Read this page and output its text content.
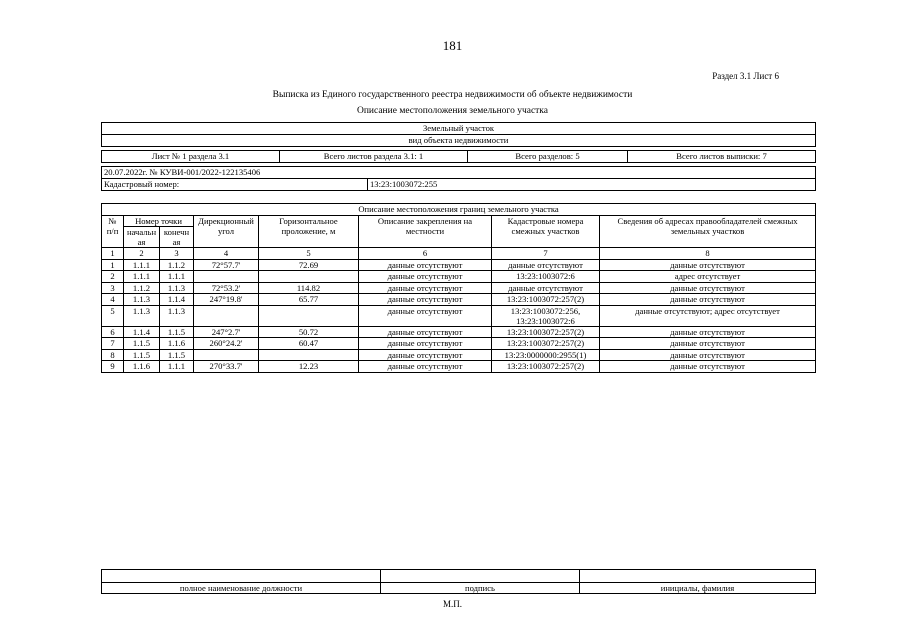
181
Раздел 3.1 Лист 6
Выписка из Единого государственного реестра недвижимости об объекте недвижимости
Описание местоположения земельного участка
Земельный участок				
вид объекта недвижимости				

Лист № 1 раздела 3.1	Всего листов раздела 3.1: 1		Всего разделов: 5	Всего листов выписки: 7

20.07.2022г. № КУВИ-001/2022-122135406				
Кадастровый номер:		13:23:1003072:255		
Описание местоположения границ земельного участка							
№ п/п	Номер точки		Дирекционный угол	Горизонтальное проложение, м	Описание закрепления на местности	Кадастровые номера смежных участков	Сведения об адресах правообладателей смежных земельных участков
	начальн ая	конечн ая					

1	2	3	4	5	6	7	8
1	1.1.1	1.1.2	72°57.7'	72.69	данные отсутствуют	данные отсутствуют	данные отсутствуют
2	1.1.1	1.1.1			данные отсутствуют	13:23:1003072:6	адрес отсутствует
3	1.1.2	1.1.3	72°53.2'	114.82	данные отсутствуют	данные отсутствуют	данные отсутствуют
4	1.1.3	1.1.4	247°19.8'	65.77	данные отсутствуют	13:23:1003072:257(2)	данные отсутствуют
5	1.1.3	1.1.3			данные отсутствуют	13:23:1003072:256, 13:23:1003072:6	данные отсутствуют; адрес отсутствует
6	1.1.4	1.1.5	247°2.7'	50.72	данные отсутствуют	13:23:1003072:257(2)	данные отсутствуют
7	1.1.5	1.1.6	260°24.2'	60.47	данные отсутствуют	13:23:1003072:257(2)	данные отсутствуют
8	1.1.5	1.1.5			данные отсутствуют	13:23:0000000:2955(1)	данные отсутствуют
9	1.1.6	1.1.1	270°33.7'	12.23	данные отсутствуют	13:23:1003072:257(2)	данные отсутствуют

полное наименование должности	подпись	инициалы, фамилия
М.П.
